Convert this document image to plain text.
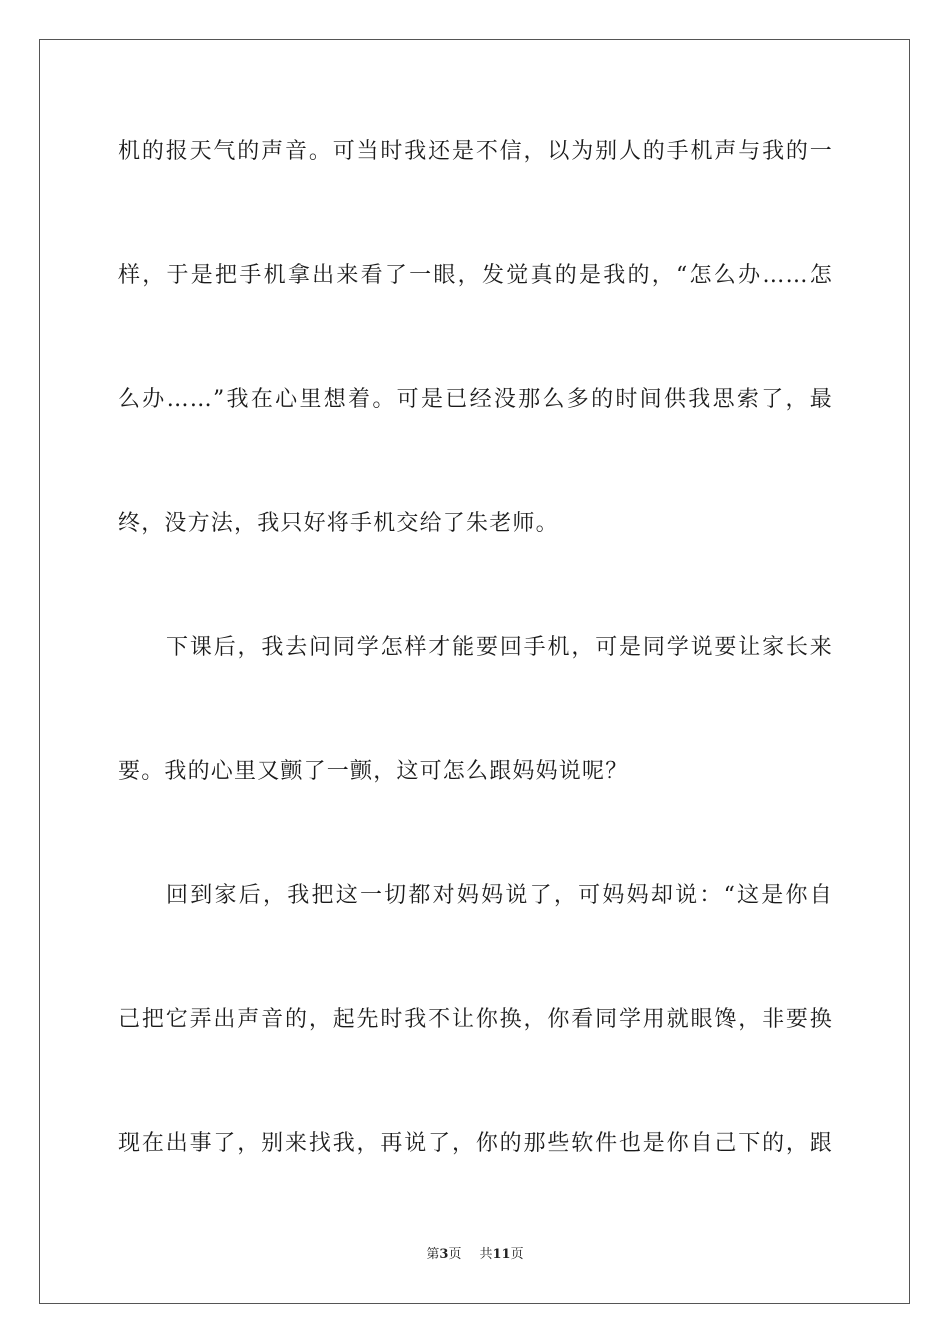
机的报天气的声音。可当时我还是不信，以为别人的手机声与我的一
样，于是把手机拿出来看了一眼，发觉真的是我的，“怎么办……怎
么办……”我在心里想着。可是已经没那么多的时间供我思索了，最
终，没方法，我只好将手机交给了朱老师。
下课后，我去问同学怎样才能要回手机，可是同学说要让家长来
要。我的心里又颤了一颤，这可怎么跟妈妈说呢？
回到家后，我把这一切都对妈妈说了，可妈妈却说：“这是你自
己把它弄出声音的，起先时我不让你换，你看同学用就眼馋，非要换
现在出事了，别来找我，再说了，你的那些软件也是你自己下的，跟
第3页 共11页
